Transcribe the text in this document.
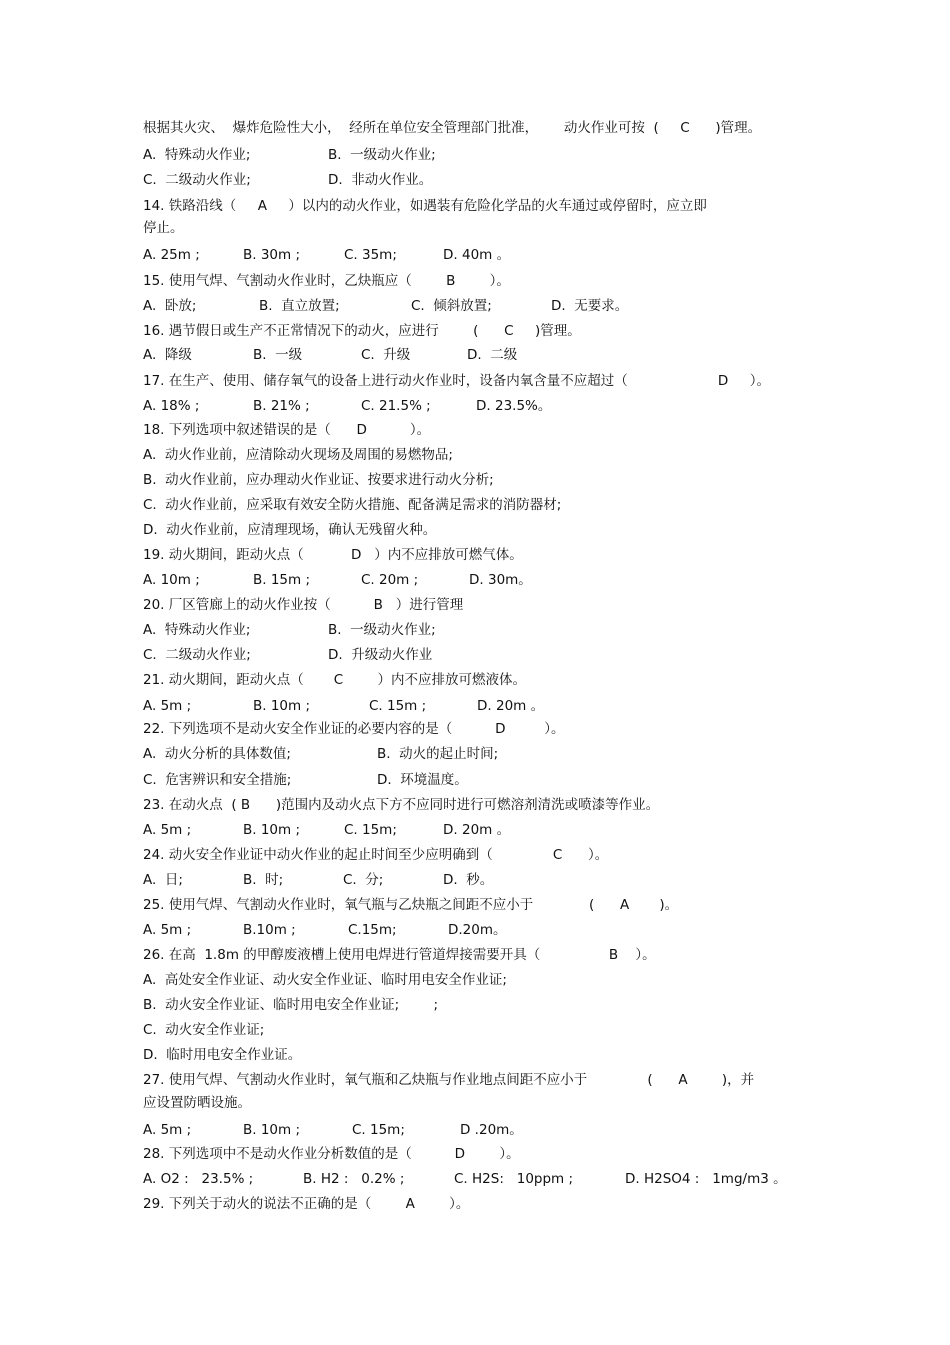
根据其火灾、  爆炸危险性大小，  经所在单位安全管理部门批准，      动火作业可按  (     C      )管理。
A.  特殊动火作业;	B.  一级动火作业;
C.  二级动火作业;	D.  非动火作业。
14. 铁路沿线（     A     ）以内的动火作业，如遇装有危险化学品的火车通过或停留时，应立即
停止。
A. 25m ;	B. 30m ;	C. 35m;	D. 40m 。
15. 使用气焊、气割动火作业时，乙炔瓶应（        B        ）。
A.  卧放;	B.  直立放置;	C.  倾斜放置;	D.  无要求。
16. 遇节假日或生产不正常情况下的动火，应进行        (      C     )管理。
A.  降级	B.  一级	C.  升级	D.  二级
17. 在生产、使用、储存氧气的设备上进行动火作业时，设备内氧含量不应超过（                     D     ）。
A. 18% ;	B. 21% ;	C. 21.5% ;	D. 23.5%。
18. 下列选项中叙述错误的是（      D          ）。
A.  动火作业前，应清除动火现场及周围的易燃物品;
B.  动火作业前，应办理动火作业证、按要求进行动火分析;
C.  动火作业前，应采取有效安全防火措施、配备满足需求的消防器材;
D.  动火作业前，应清理现场，确认无残留火种。
19. 动火期间，距动火点（           D   ）内不应排放可燃气体。
A. 10m ;	B. 15m ;	C. 20m ;	D. 30m。
20. 厂区管廊上的动火作业按（          B   ）进行管理
A.  特殊动火作业;	B.  一级动火作业;
C.  二级动火作业;	D.  升级动火作业
21. 动火期间，距动火点（       C        ）内不应排放可燃液体。
A. 5m ;	B. 10m ;	C. 15m ;	D. 20m 。
22. 下列选项不是动火安全作业证的必要内容的是（          D         ）。
A.  动火分析的具体数值;	B.  动火的起止时间;
C.  危害辨识和安全措施;	D.  环境温度。
23. 在动火点  ( B      )范围内及动火点下方不应同时进行可燃溶剂清洗或喷漆等作业。
A. 5m ;	B. 10m ;	C. 15m;	D. 20m 。
24. 动火安全作业证中动火作业的起止时间至少应明确到（              C      ）。
A.  日;	B.  时;	C.  分;	D.  秒。
25. 使用气焊、气割动火作业时，氧气瓶与乙炔瓶之间距不应小于             (      A       )。
A. 5m ;	B.10m ;	C.15m;	D.20m。
26. 在高  1.8m 的甲醇废液槽上使用电焊进行管道焊接需要开具（                B    ）。
A.  高处安全作业证、动火安全作业证、临时用电安全作业证;
B.  动火安全作业证、临时用电安全作业证;        ;
C.  动火安全作业证;
D.  临时用电安全作业证。
27. 使用气焊、气割动火作业时，氧气瓶和乙炔瓶与作业地点间距不应小于              (      A        )，并
应设置防晒设施。
A. 5m ;	B. 10m ;	C. 15m;	D .20m。
28. 下列选项中不是动火作业分析数值的是（          D        ）。
A. O2 :   23.5% ;	B. H2 :   0.2% ;	C. H2S:   10ppm ;	D. H2SO4 :   1mg/m3 。
29. 下列关于动火的说法不正确的是（        A        ）。
